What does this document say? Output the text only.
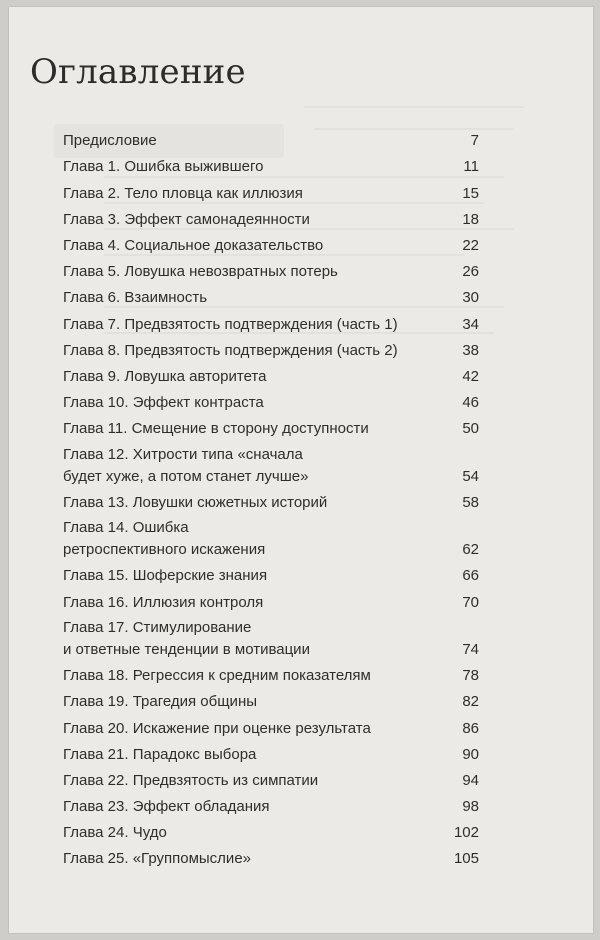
Оглавление
Предисловие	7
Глава 1. Ошибка выжившего	11
Глава 2. Тело пловца как иллюзия	15
Глава 3. Эффект самонадеянности	18
Глава 4. Социальное доказательство	22
Глава 5. Ловушка невозвратных потерь	26
Глава 6. Взаимность	30
Глава 7. Предвзятость подтверждения (часть 1)	34
Глава 8. Предвзятость подтверждения (часть 2)	38
Глава 9. Ловушка авторитета	42
Глава 10. Эффект контраста	46
Глава 11. Смещение в сторону доступности	50
Глава 12. Хитрости типа «сначала
будет хуже, а потом станет лучше»	54
Глава 13. Ловушки сюжетных историй	58
Глава 14. Ошибка
ретроспективного искажения	62
Глава 15. Шоферские знания	66
Глава 16. Иллюзия контроля	70
Глава 17. Стимулирование
и ответные тенденции в мотивации	74
Глава 18. Регрессия к средним показателям	78
Глава 19. Трагедия общины	82
Глава 20. Искажение при оценке результата	86
Глава 21. Парадокс выбора	90
Глава 22. Предвзятость из симпатии	94
Глава 23. Эффект обладания	98
Глава 24. Чудо	102
Глава 25. «Группомыслие»	105
